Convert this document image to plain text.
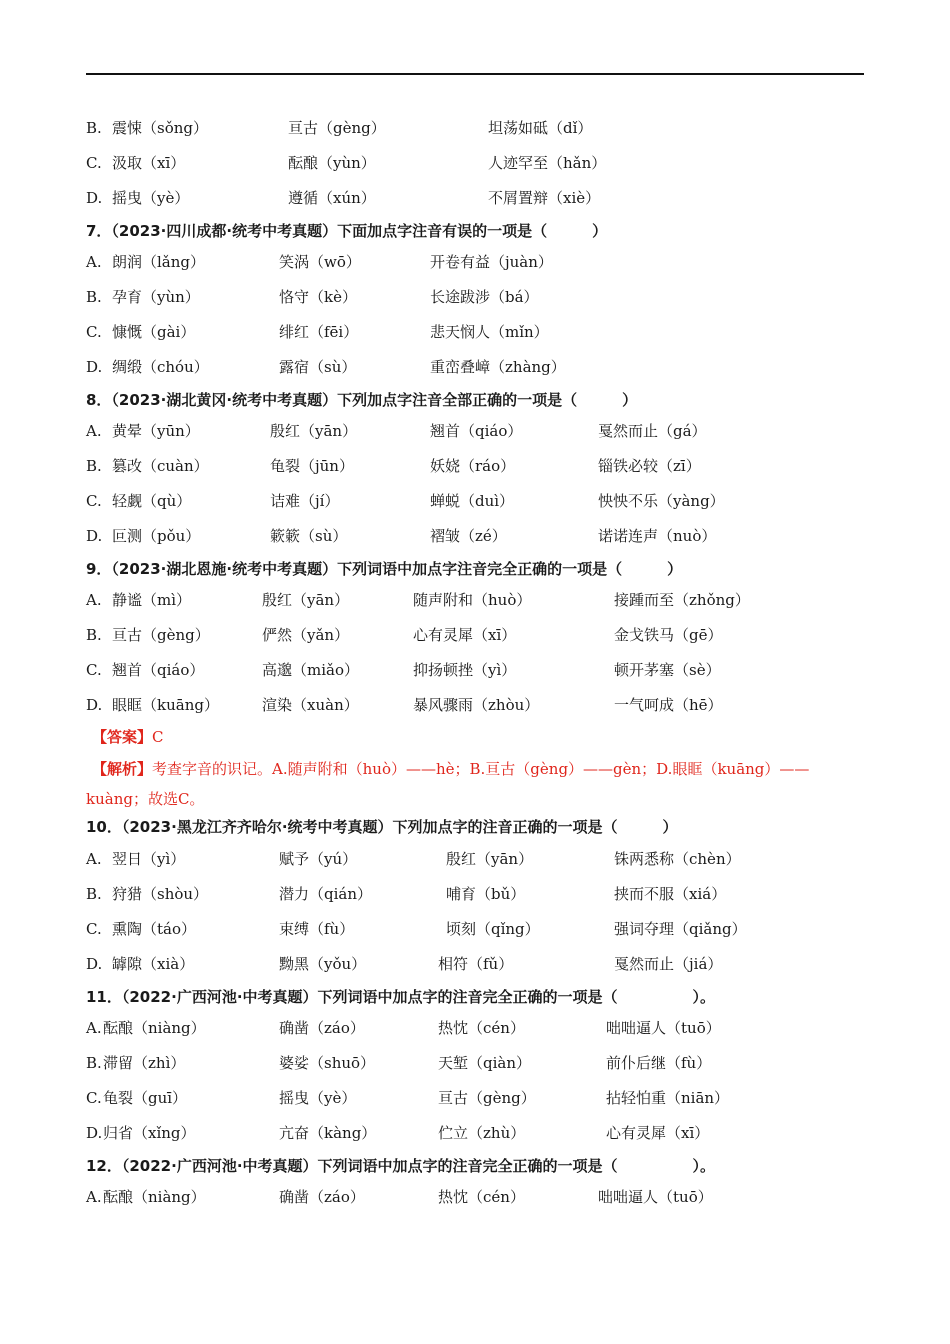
B. 震悚（sǒng）	亘古（gèng）	坦荡如砥（dǐ）
C. 汲取（xī）	酝酿（yùn）	人迹罕至（hǎn）
D. 摇曳（yè）	遵循（xún）	不屑置辩（xiè）
7．（2023·四川成都·统考中考真题）下面加点字注音有误的一项是（　　　）
A. 朗润（lǎng）	笑涡（wō）	开卷有益（juàn）
B. 孕育（yùn）	恪守（kè）	长途跋涉（bá）
C. 慷慨（gài）	绯红（fēi）	悲天悯人（mǐn）
D. 绸缎（chóu）	露宿（sù）	重峦叠嶂（zhàng）
8．（2023·湖北黄冈·统考中考真题）下列加点字注音全部正确的一项是（　　　）
A. 黄晕（yūn）	殷红（yān）	翘首（qiáo）	戛然而止（gá）
B. 篡改（cuàn）	龟裂（jūn）	妖娆（ráo）	锱铁必较（zī）
C. 轻觑（qù）	诘难（jí）	蝉蜕（duì）	怏怏不乐（yàng）
D. 叵测（pǒu）	簌簌（sù）	褶皱（zé）	诺诺连声（nuò）
9．（2023·湖北恩施·统考中考真题）下列词语中加点字注音完全正确的一项是（　　　）
A. 静谧（mì）	殷红（yān）	随声附和（huò）	接踵而至（zhǒng）
B. 亘古（gèng）	俨然（yǎn）	心有灵犀（xī）	金戈铁马（gē）
C. 翘首（qiáo）	高邈（miǎo）	抑扬顿挫（yì）	顿开茅塞（sè）
D. 眼眶（kuāng）	渲染（xuàn）	暴风骤雨（zhòu）	一气呵成（hē）
【答案】C
【解析】考查字音的识记。A.随声附和（huò）——hè；B.亘古（gèng）——gèn；D.眼眶（kuāng）——
kuàng；故选C。
10．（2023·黑龙江齐齐哈尔·统考中考真题）下列加点字的注音正确的一项是（　　　）
A. 翌日（yì）	赋予（yú）	殷红（yān）	铢两悉称（chèn）
B. 狩猎（shòu）	潜力（qián）	哺育（bǔ）	挟而不服（xiá）
C. 熏陶（táo）	束缚（fù）	顷刻（qǐng）	强词夺理（qiǎng）
D. 罅隙（xià）	黝黑（yǒu）	相符（fǔ）	戛然而止（jiá）
11．（2022·广西河池·中考真题）下列词语中加点字的注音完全正确的一项是（　　　　　）。
A. 酝酿（niàng）	确凿（záo）	热忱（cén）	咄咄逼人（tuō）
B. 滞留（zhì）	婆娑（shuō）	天堑（qiàn）	前仆后继（fù）
C. 龟裂（guī）	摇曳（yè）	亘古（gèng）	拈轻怕重（niān）
D. 归省（xǐng）	亢奋（kàng）	伫立（zhù）	心有灵犀（xī）
12．（2022·广西河池·中考真题）下列词语中加点字的注音完全正确的一项是（　　　　　）。
A. 酝酿（niàng）	确凿（záo）	热忱（cén）	咄咄逼人（tuō）
